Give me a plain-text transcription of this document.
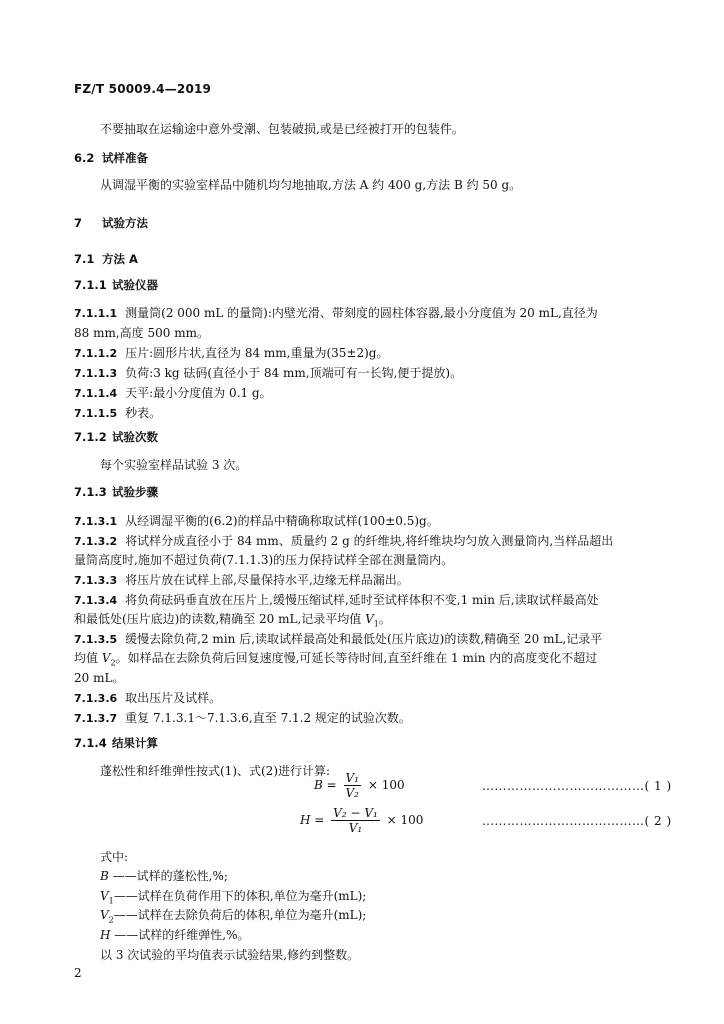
FZ/T 50009.4—2019
不要抽取在运输途中意外受潮、包装破损,或是已经被打开的包装件。
6.2 试样准备
从调湿平衡的实验室样品中随机均匀地抽取,方法 A 约 400 g,方法 B 约 50 g。
7 试验方法
7.1 方法 A
7.1.1 试验仪器
7.1.1.1 测量筒(2 000 mL 的量筒):内壁光滑、带刻度的圆柱体容器,最小分度值为 20 mL,直径为
88 mm,高度 500 mm。
7.1.1.2 压片:圆形片状,直径为 84 mm,重量为(35±2)g。
7.1.1.3 负荷:3 kg 砝码(直径小于 84 mm,顶端可有一长钩,便于提放)。
7.1.1.4 天平:最小分度值为 0.1 g。
7.1.1.5 秒表。
7.1.2 试验次数
每个实验室样品试验 3 次。
7.1.3 试验步骤
7.1.3.1 从经调湿平衡的(6.2)的样品中精确称取试样(100±0.5)g。
7.1.3.2 将试样分成直径小于 84 mm、质量约 2 g 的纤维块,将纤维块均匀放入测量筒内,当样品超出
量筒高度时,施加不超过负荷(7.1.1.3)的压力保持试样全部在测量筒内。
7.1.3.3 将压片放在试样上部,尽量保持水平,边缘无样品漏出。
7.1.3.4 将负荷砝码垂直放在压片上,缓慢压缩试样,延时至试样体积不变,1 min 后,读取试样最高处
和最低处(压片底边)的读数,精确至 20 mL,记录平均值 $V_1$。
7.1.3.5 缓慢去除负荷,2 min 后,读取试样最高处和最低处(压片底边)的读数,精确至 20 mL,记录平
均值 $V_2$。如样品在去除负荷后回复速度慢,可延长等待时间,直至纤维在 1 min 内的高度变化不超过
20 mL。
7.1.3.6 取出压片及试样。
7.1.3.7 重复 7.1.3.1～7.1.3.6,直至 7.1.2 规定的试验次数。
7.1.4 结果计算
蓬松性和纤维弹性按式(1)、式(2)进行计算:
$B = \frac{\text{V₁}}{\text{V₂}} \times 100$	…………………………………( 1 )
$H = \frac{\text{V₂ − V₁}}{\text{V₁}} \times 100$	…………………………………( 2 )
式中:
B ——试样的蓬松性,%;
$V_1——$试样在负荷作用下的体积,单位为毫升(mL);
$V_2——$试样在去除负荷后的体积,单位为毫升(mL);
H ——试样的纤维弹性,%。
以 3 次试验的平均值表示试验结果,修约到整数。
2
